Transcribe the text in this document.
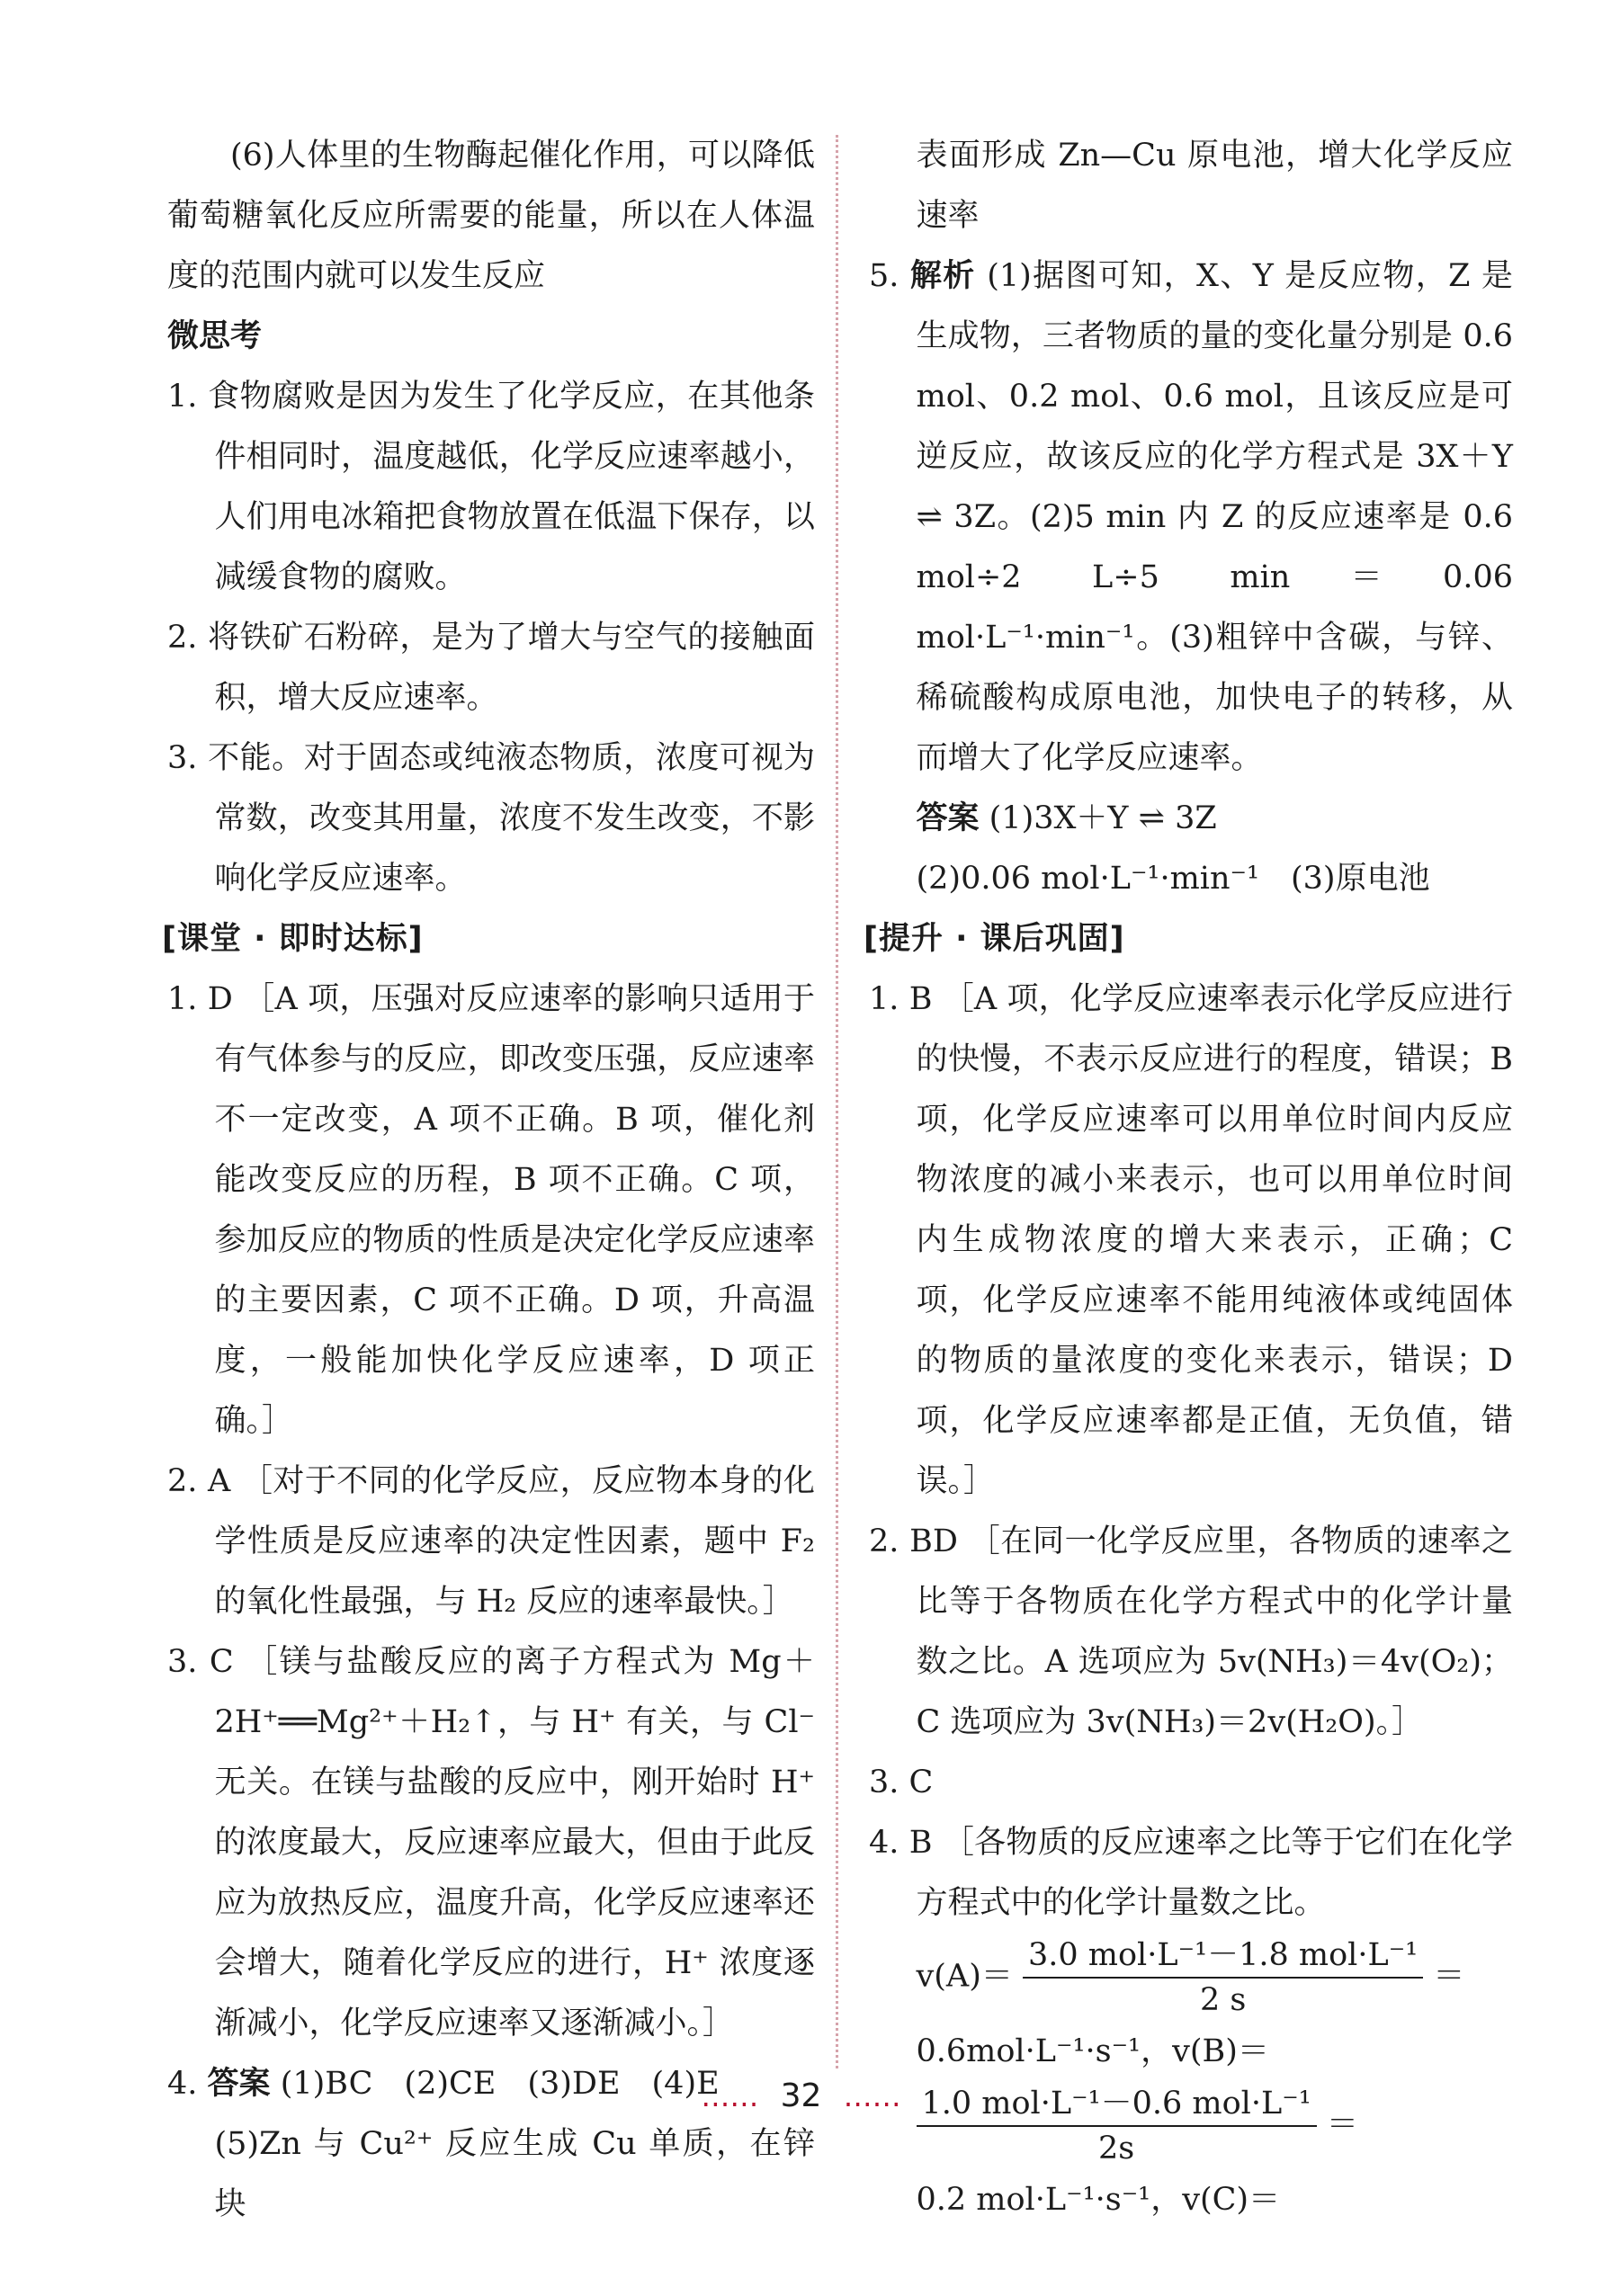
(6)人体里的生物酶起催化作用，可以降低葡萄糖氧化反应所需要的能量，所以在人体温度的范围内就可以发生反应

微思考

1. 食物腐败是因为发生了化学反应，在其他条件相同时，温度越低，化学反应速率越小，人们用电冰箱把食物放置在低温下保存，以减缓食物的腐败。

2. 将铁矿石粉碎，是为了增大与空气的接触面积，增大反应速率。

3. 不能。对于固态或纯液态物质，浓度可视为常数，改变其用量，浓度不发生改变，不影响化学反应速率。

[课堂 · 即时达标]

1. D ［A 项，压强对反应速率的影响只适用于有气体参与的反应，即改变压强，反应速率不一定改变，A 项不正确。B 项，催化剂能改变反应的历程，B 项不正确。C 项，参加反应的物质的性质是决定化学反应速率的主要因素，C 项不正确。D 项，升高温度，一般能加快化学反应速率，D 项正确。］

2. A ［对于不同的化学反应，反应物本身的化学性质是反应速率的决定性因素，题中 F₂ 的氧化性最强，与 H₂ 反应的速率最快。］

3. C ［镁与盐酸反应的离子方程式为 Mg＋2H⁺══Mg²⁺＋H₂↑，与 H⁺ 有关，与 Cl⁻ 无关。在镁与盐酸的反应中，刚开始时 H⁺ 的浓度最大，反应速率应最大，但由于此反应为放热反应，温度升高，化学反应速率还会增大，随着化学反应的进行，H⁺ 浓度逐渐减小，化学反应速率又逐渐减小。］

4. 答案 (1)BC　(2)CE　(3)DE　(4)E

(5)Zn 与 Cu²⁺ 反应生成 Cu 单质，在锌块

表面形成 Zn—Cu 原电池，增大化学反应速率

5. 解析 (1)据图可知，X、Y 是反应物，Z 是生成物，三者物质的量的变化量分别是 0.6 mol、0.2 mol、0.6 mol，且该反应是可逆反应，故该反应的化学方程式是 3X＋Y ⇌ 3Z。(2)5 min 内 Z 的反应速率是 0.6 mol÷2 L÷5 min＝0.06 mol·L⁻¹·min⁻¹。(3)粗锌中含碳，与锌、稀硫酸构成原电池，加快电子的转移，从而增大了化学反应速率。

答案 (1)3X＋Y ⇌ 3Z

(2)0.06 mol·L⁻¹·min⁻¹　(3)原电池

[提升 · 课后巩固]

1. B ［A 项，化学反应速率表示化学反应进行的快慢，不表示反应进行的程度，错误；B 项，化学反应速率可以用单位时间内反应物浓度的减小来表示，也可以用单位时间内生成物浓度的增大来表示，正确；C 项，化学反应速率不能用纯液体或纯固体的物质的量浓度的变化来表示，错误；D 项，化学反应速率都是正值，无负值，错误。］

2. BD ［在同一化学反应里，各物质的速率之比等于各物质在化学方程式中的化学计量数之比。A 选项应为 5v(NH₃)＝4v(O₂)；C 选项应为 3v(NH₃)＝2v(H₂O)。］

3. C

4. B ［各物质的反应速率之比等于它们在化学方程式中的化学计量数之比。

$v(A)= \frac{\text{3.0 mol·L⁻¹－1.8 mol·L⁻¹}}{2 s}$ ＝

0.6mol·L⁻¹·s⁻¹，v(B)＝

$\frac{\text{1.0 mol·L⁻¹－0.6 mol·L⁻¹}}{2s}$ ＝

0.2 mol·L⁻¹·s⁻¹，v(C)＝

…… 32 ……
